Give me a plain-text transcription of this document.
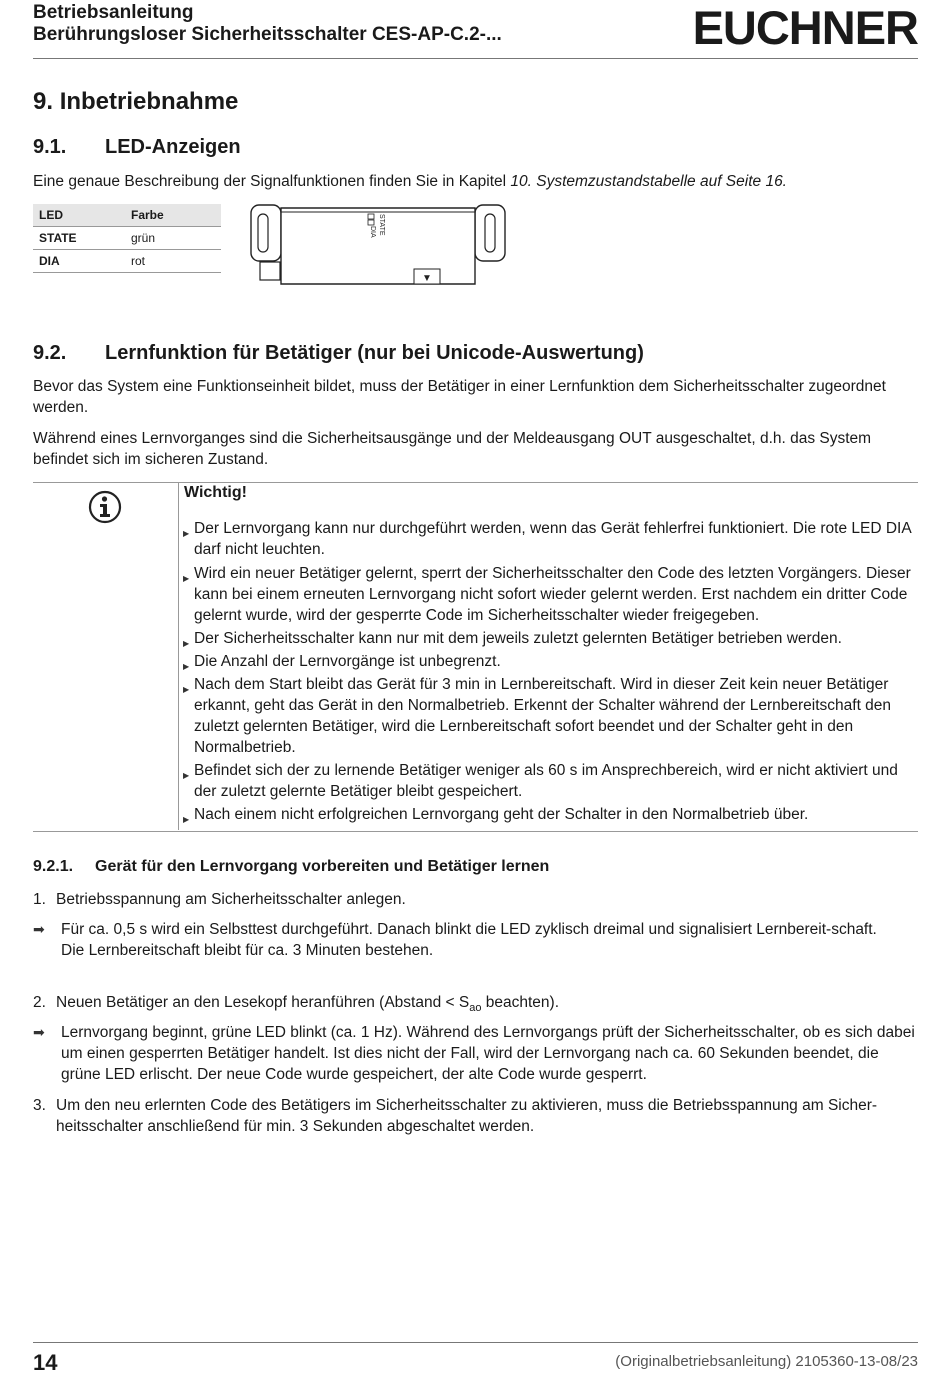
Betriebsanleitung
Berührungsloser Sicherheitsschalter CES-AP-C.2-...	EUCHNER
9. Inbetriebnahme
9.1. LED-Anzeigen
Eine genaue Beschreibung der Signalfunktionen finden Sie in Kapitel 10. Systemzustandstabelle auf Seite 16.
LED	Farbe
STATE	grün
DIA	rot
STATE
DIA
▼
9.2. Lernfunktion für Betätiger (nur bei Unicode-Auswertung)
Bevor das System eine Funktionseinheit bildet, muss der Betätiger in einer Lernfunktion dem Sicherheitsschalter zugeordnet werden.
Während eines Lernvorganges sind die Sicherheitsausgänge und der Meldeausgang OUT ausgeschaltet, d.h. das System befindet sich im sicheren Zustand.
Wichtig!
▶ Der Lernvorgang kann nur durchgeführt werden, wenn das Gerät fehlerfrei funktioniert. Die rote LED DIA darf nicht leuchten.
▶ Wird ein neuer Betätiger gelernt, sperrt der Sicherheitsschalter den Code des letzten Vorgängers. Dieser kann bei einem erneuten Lernvorgang nicht sofort wieder gelernt werden. Erst nachdem ein dritter Code gelernt wurde, wird der gesperrte Code im Sicherheitsschalter wieder freigegeben.
▶ Der Sicherheitsschalter kann nur mit dem jeweils zuletzt gelernten Betätiger betrieben werden.
▶ Die Anzahl der Lernvorgänge ist unbegrenzt.
▶ Nach dem Start bleibt das Gerät für 3 min in Lernbereitschaft. Wird in dieser Zeit kein neuer Betätiger erkannt, geht das Gerät in den Normalbetrieb. Erkennt der Schalter während der Lernbereitschaft den zuletzt gelernten Betätiger, wird die Lernbereitschaft sofort beendet und der Schalter geht in den Normalbetrieb.
▶ Befindet sich der zu lernende Betätiger weniger als 60 s im Ansprechbereich, wird er nicht aktiviert und der zuletzt gelernte Betätiger bleibt gespeichert.
▶ Nach einem nicht erfolgreichen Lernvorgang geht der Schalter in den Normalbetrieb über.
9.2.1. Gerät für den Lernvorgang vorbereiten und Betätiger lernen
1. Betriebsspannung am Sicherheitsschalter anlegen.
➡ Für ca. 0,5 s wird ein Selbsttest durchgeführt. Danach blinkt die LED zyklisch dreimal und signalisiert Lernbereit-schaft.
Die Lernbereitschaft bleibt für ca. 3 Minuten bestehen.
2. Neuen Betätiger an den Lesekopf heranführen ($Abstand < S_{ao}$ beachten).
➡ Lernvorgang beginnt, grüne LED blinkt (ca. 1 Hz). Während des Lernvorgangs prüft der Sicherheitsschalter, ob es sich dabei um einen gesperrten Betätiger handelt. Ist dies nicht der Fall, wird der Lernvorgang nach ca. 60 Sekunden beendet, die grüne LED erlischt. Der neue Code wurde gespeichert, der alte Code wurde gesperrt.
3. Um den neu erlernten Code des Betätigers im Sicherheitsschalter zu aktivieren, muss die Betriebsspannung am Sicher-heitsschalter anschließend für min. 3 Sekunden abgeschaltet werden.
14	(Originalbetriebsanleitung) 2105360-13-08/23
